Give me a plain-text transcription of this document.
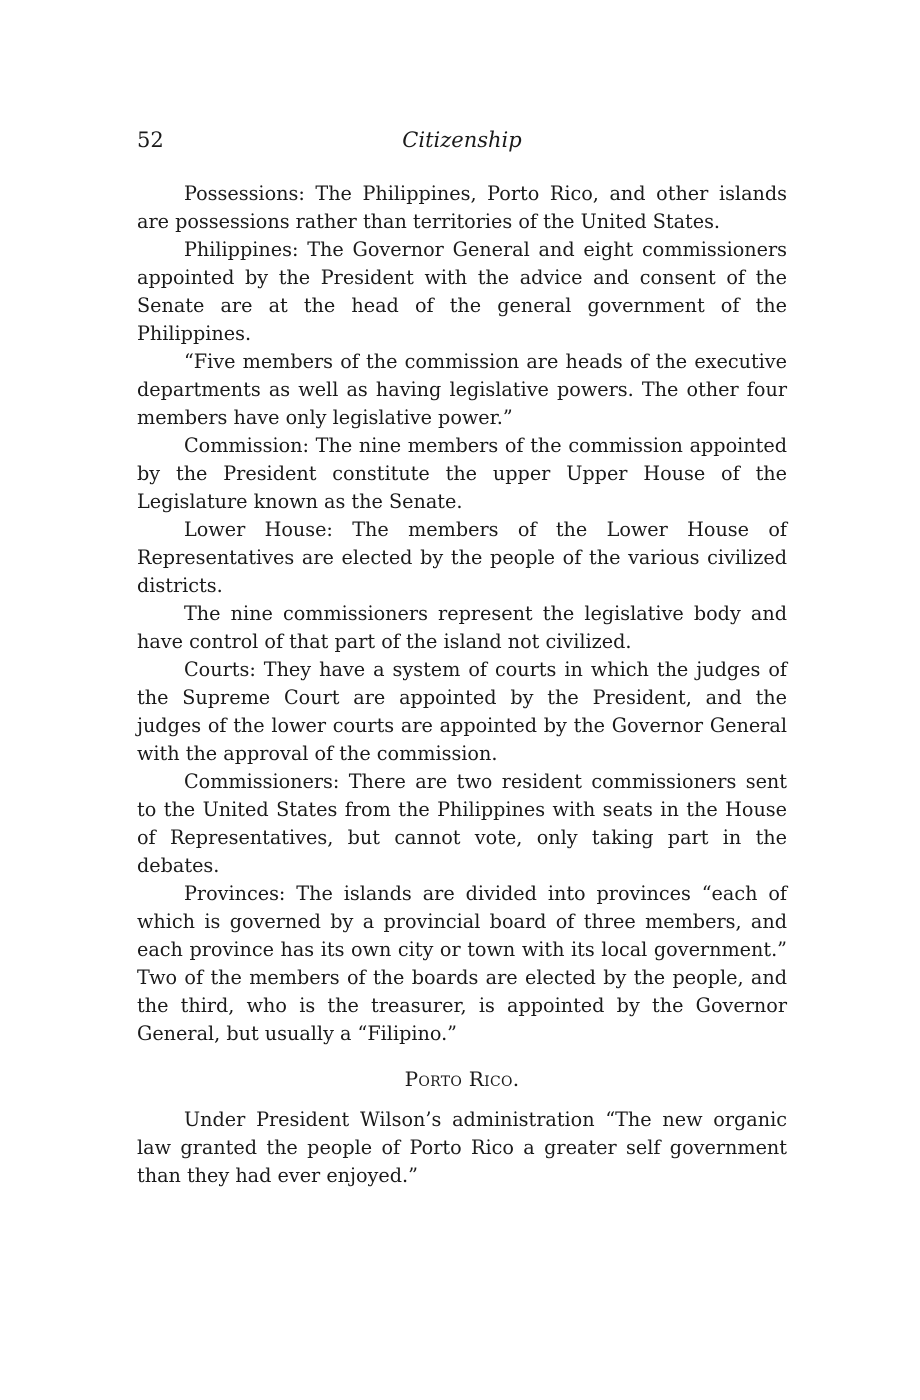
52	Citizenship

Possessions: The Philippines, Porto Rico, and other islands are possessions rather than territories of the United States.

Philippines: The Governor General and eight commissioners appointed by the President with the advice and consent of the Senate are at the head of the general government of the Philippines.

“Five members of the commission are heads of the executive departments as well as having legislative powers. The other four members have only legislative power.”

Commission: The nine members of the commission appointed by the President constitute the upper Upper House of the Legislature known as the Senate.

Lower House: The members of the Lower House of Representatives are elected by the people of the various civilized districts.

The nine commissioners represent the legislative body and have control of that part of the island not civilized.

Courts: They have a system of courts in which the judges of the Supreme Court are appointed by the President, and the judges of the lower courts are appointed by the Governor General with the approval of the commission.

Commissioners: There are two resident commissioners sent to the United States from the Philippines with seats in the House of Representatives, but cannot vote, only taking part in the debates.

Provinces: The islands are divided into provinces “each of which is governed by a provincial board of three members, and each province has its own city or town with its local government.” Two of the members of the boards are elected by the people, and the third, who is the treasurer, is appointed by the Governor General, but usually a “Filipino.”

Porto Rico.

Under President Wilson’s administration “The new organic law granted the people of Porto Rico a greater self government than they had ever enjoyed.”
